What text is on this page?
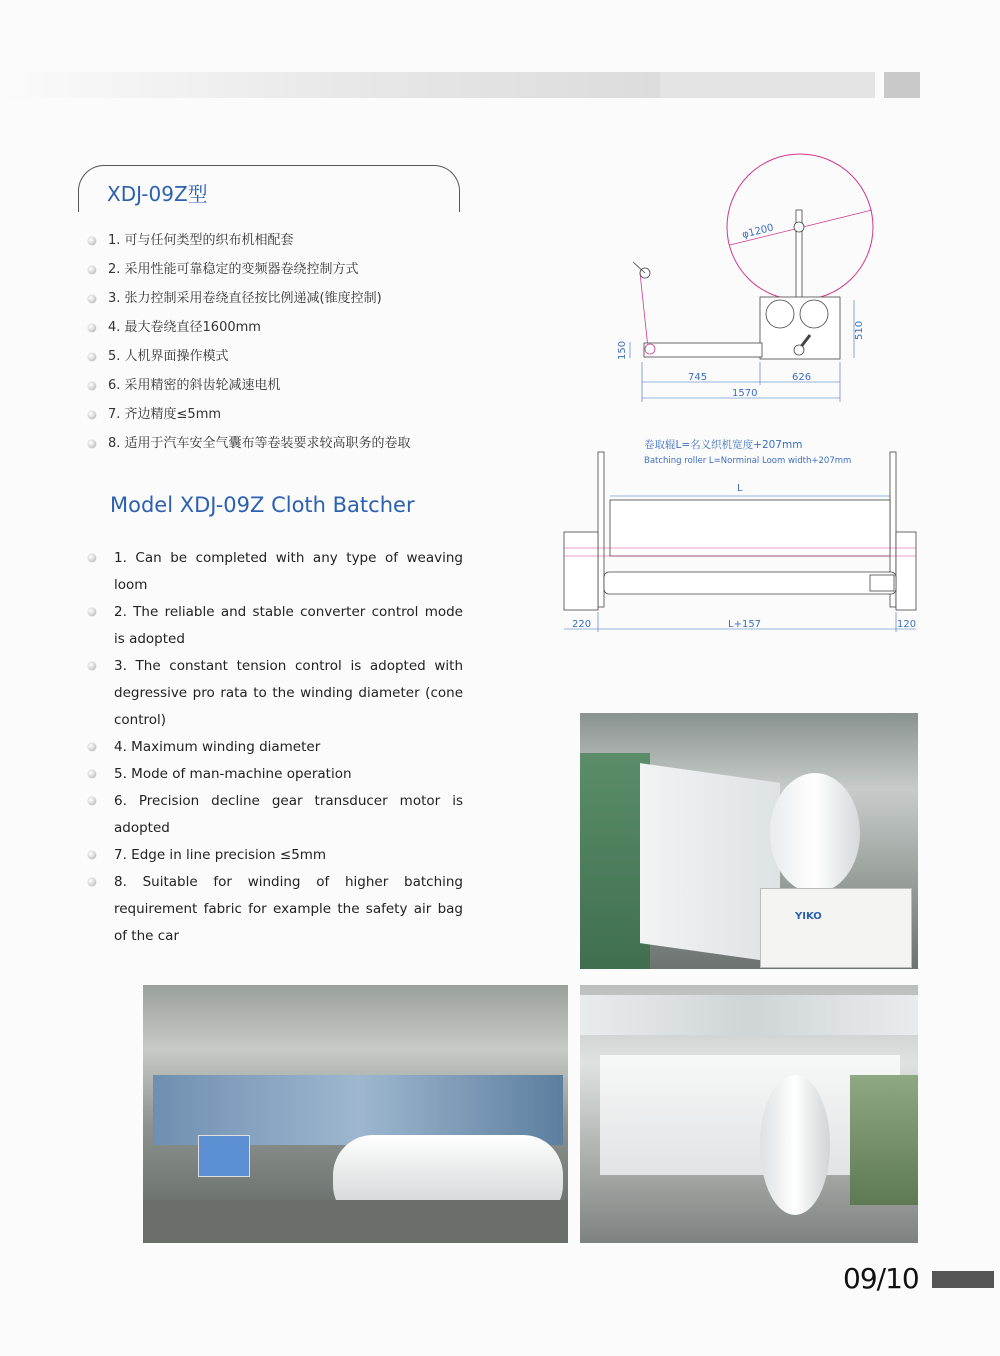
XDJ-09Z型
1. 可与任何类型的织布机相配套
2. 采用性能可靠稳定的变频器卷绕控制方式
3. 张力控制采用卷绕直径按比例递减(锥度控制)
4. 最大卷绕直径1600mm
5. 人机界面操作模式
6. 采用精密的斜齿轮减速电机
7. 齐边精度≤5mm
8. 适用于汽车安全气囊布等卷装要求较高职务的卷取
Model XDJ-09Z Cloth Batcher
1. Can be completed with any type of weaving loom
2. The reliable and stable converter control mode is adopted
3. The constant tension control is adopted with degressive pro rata to the winding diameter (cone control)
4. Maximum winding diameter
5. Mode of man-machine operation
6. Precision decline gear transducer motor is adopted
7. Edge in line precision ≤5mm
8. Suitable for winding of higher batching requirement fabric for example the safety air bag of the car
φ1200
510
150
745	626
1570
卷取辊L=名义织机宽度+207mm
Batching roller L=Norminal Loom width+207mm
L
220	L+157	120
YIKO
09/10
